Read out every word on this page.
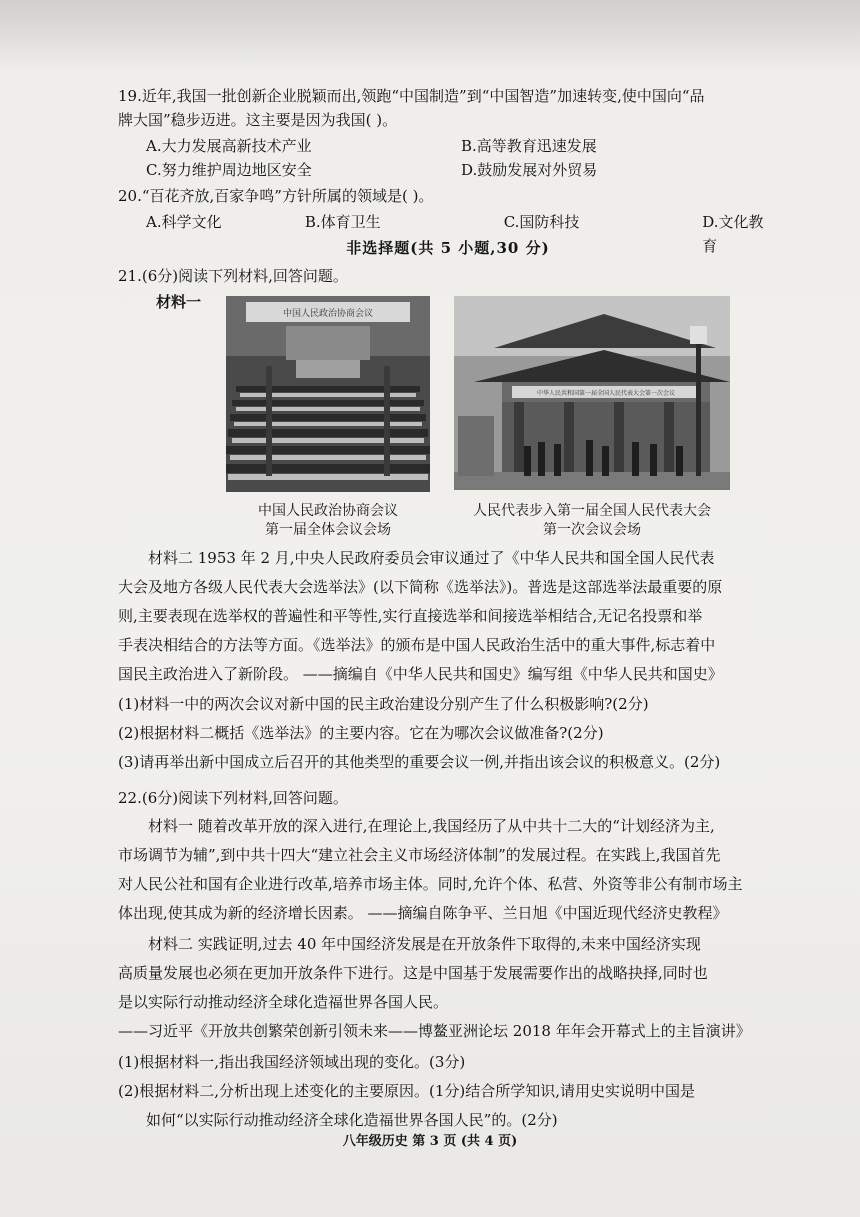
19.近年,我国一批创新企业脱颖而出,领跑“中国制造”到“中国智造”加速转变,使中国向“品
牌大国”稳步迈进。这主要是因为我国( )。
A.大力发展高新技术产业	B.高等教育迅速发展
C.努力维护周边地区安全	D.鼓励发展对外贸易
20.“百花齐放,百家争鸣”方针所属的领域是( )。
A.科学文化	B.体育卫生	C.国防科技	D.文化教育
非选择题(共 5 小题,30 分)
21.(6分)阅读下列材料,回答问题。
材料一
中国人民政治协商会议
中华人民共和国第一届全国人民代表大会第一次会议
中国人民政治协商会议
第一届全体会议会场
人民代表步入第一届全国人民代表大会
第一次会议会场
材料二 1953 年 2 月,中央人民政府委员会审议通过了《中华人民共和国全国人民代表
大会及地方各级人民代表大会选举法》(以下简称《选举法》)。普选是这部选举法最重要的原
则,主要表现在选举权的普遍性和平等性,实行直接选举和间接选举相结合,无记名投票和举
手表决相结合的方法等方面。《选举法》的颁布是中国人民政治生活中的重大事件,标志着中
国民主政治进入了新阶段。 ——摘编自《中华人民共和国史》编写组《中华人民共和国史》
(1)材料一中的两次会议对新中国的民主政治建设分别产生了什么积极影响?(2分)
(2)根据材料二概括《选举法》的主要内容。它在为哪次会议做准备?(2分)
(3)请再举出新中国成立后召开的其他类型的重要会议一例,并指出该会议的积极意义。(2分)
22.(6分)阅读下列材料,回答问题。
材料一 随着改革开放的深入进行,在理论上,我国经历了从中共十二大的“计划经济为主,
市场调节为辅”,到中共十四大“建立社会主义市场经济体制”的发展过程。在实践上,我国首先
对人民公社和国有企业进行改革,培养市场主体。同时,允许个体、私营、外资等非公有制市场主
体出现,使其成为新的经济增长因素。 ——摘编自陈争平、兰日旭《中国近现代经济史教程》
材料二 实践证明,过去 40 年中国经济发展是在开放条件下取得的,未来中国经济实现
高质量发展也必须在更加开放条件下进行。这是中国基于发展需要作出的战略抉择,同时也
是以实际行动推动经济全球化造福世界各国人民。
——习近平《开放共创繁荣创新引领未来——博鳌亚洲论坛 2018 年年会开幕式上的主旨演讲》
(1)根据材料一,指出我国经济领域出现的变化。(3分)
(2)根据材料二,分析出现上述变化的主要原因。(1分)结合所学知识,请用史实说明中国是
如何“以实际行动推动经济全球化造福世界各国人民”的。(2分)
八年级历史 第 3 页 (共 4 页)
